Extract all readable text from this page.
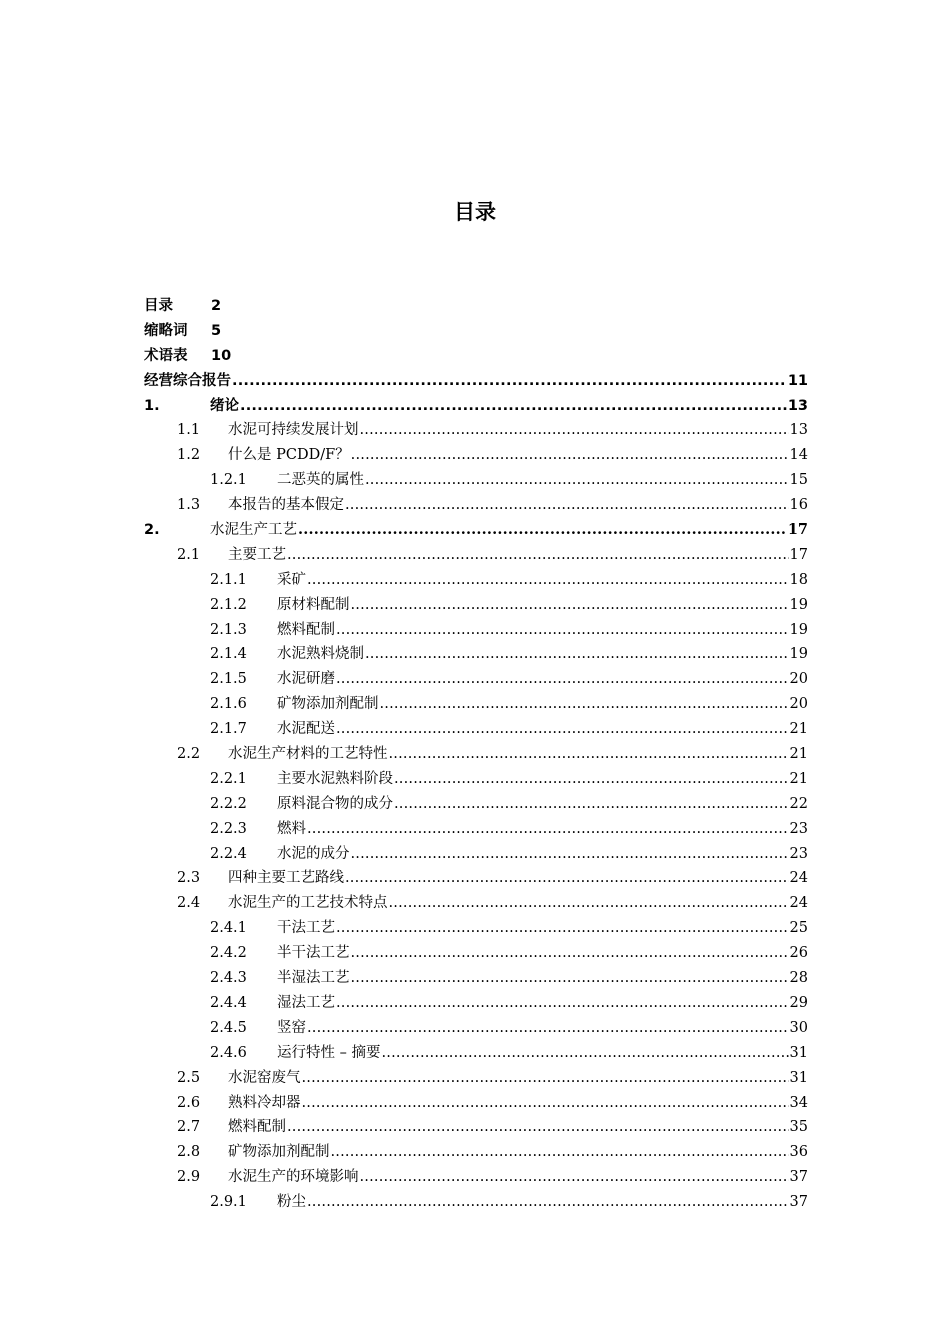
目录
目录	2
缩略词 5
术语表 10
经营综合报告 .....	11
1.	绪论 .....	13
1.1 水泥可持续发展计划 .....	13
1.2 什么是 PCDD/F？ .....	14
1.2.1 二恶英的属性 .....	15
1.3 本报告的基本假定 .....	16
2.	水泥生产工艺 .....	17
2.1 主要工艺 .....	17
2.1.1 采矿 .....	18
2.1.2 原材料配制 .....	19
2.1.3 燃料配制 .....	19
2.1.4 水泥熟料烧制 .....	19
2.1.5 水泥研磨 .....	20
2.1.6 矿物添加剂配制 .....	20
2.1.7 水泥配送 .....	21
2.2 水泥生产材料的工艺特性 .....	21
2.2.1 主要水泥熟料阶段 .....	21
2.2.2 原料混合物的成分 .....	22
2.2.3 燃料 .....	23
2.2.4 水泥的成分 .....	23
2.3 四种主要工艺路线 .....	24
2.4 水泥生产的工艺技术特点 .....	24
2.4.1 干法工艺 .....	25
2.4.2 半干法工艺 .....	26
2.4.3 半湿法工艺 .....	28
2.4.4 湿法工艺 .....	29
2.4.5 竖窑 .....	30
2.4.6 运行特性 – 摘要 .....	31
2.5 水泥窑废气 .....	31
2.6 熟料冷却器 .....	34
2.7 燃料配制 .....	35
2.8 矿物添加剂配制 .....	36
2.9 水泥生产的环境影响 .....	37
2.9.1 粉尘 .....	37
